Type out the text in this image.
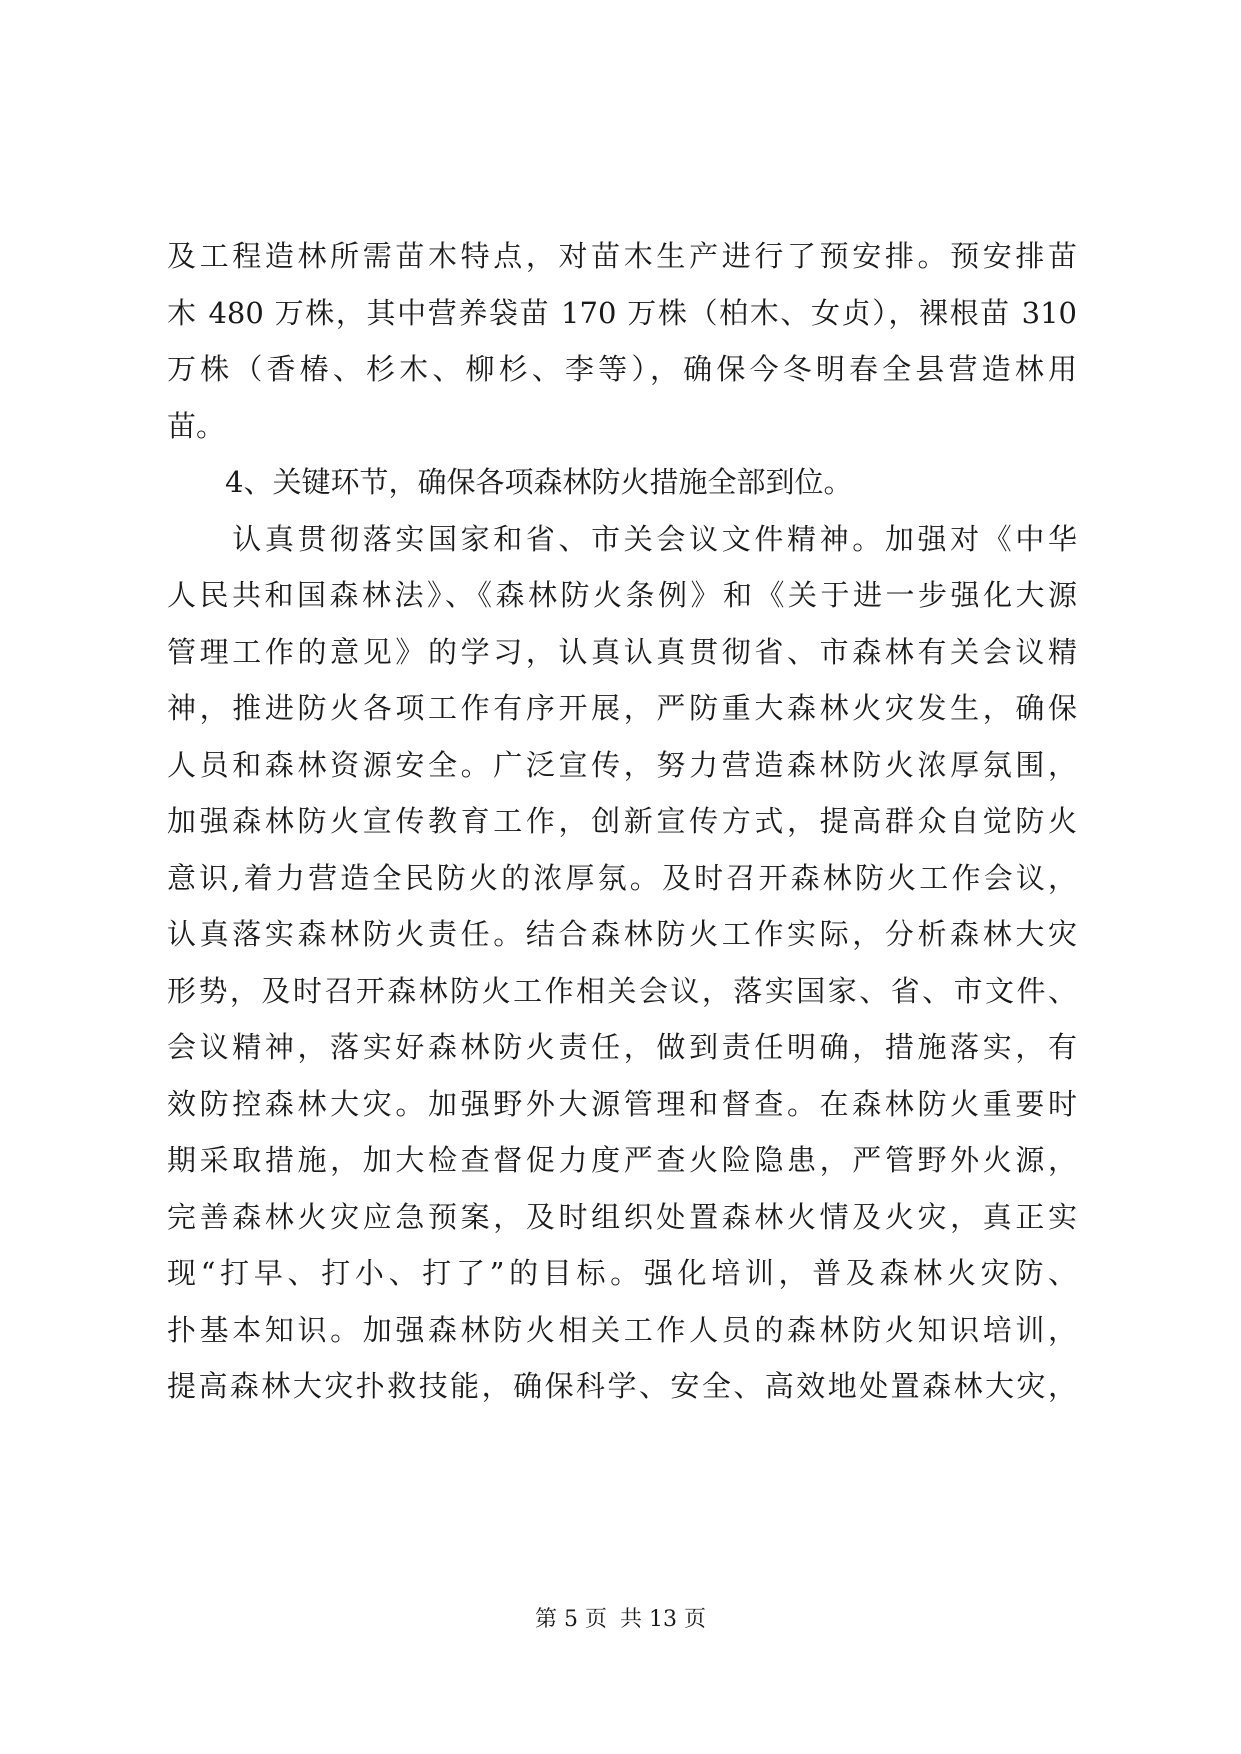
及工程造林所需苗木特点，对苗木生产进行了预安排。预安排苗
木 480 万株，其中营养袋苗 170 万株（柏木、女贞），裸根苗 310
万株（香椿、杉木、柳杉、李等），确保今冬明春全县营造林用
苗。
　　4、关键环节，确保各项森林防火措施全部到位。
　　认真贯彻落实国家和省、市关会议文件精神。加强对《中华
人民共和国森林法》、《森林防火条例》和《关于进一步强化大源
管理工作的意见》的学习，认真认真贯彻省、市森林有关会议精
神，推进防火各项工作有序开展，严防重大森林火灾发生，确保
人员和森林资源安全。广泛宣传，努力营造森林防火浓厚氛围，
加强森林防火宣传教育工作，创新宣传方式，提高群众自觉防火
意识,着力营造全民防火的浓厚氛。及时召开森林防火工作会议，
认真落实森林防火责任。结合森林防火工作实际，分析森林大灾
形势，及时召开森林防火工作相关会议，落实国家、省、市文件、
会议精神，落实好森林防火责任，做到责任明确，措施落实，有
效防控森林大灾。加强野外大源管理和督查。在森林防火重要时
期采取措施，加大检查督促力度严查火险隐患，严管野外火源，
完善森林火灾应急预案，及时组织处置森林火情及火灾，真正实
现“打早、打小、打了”的目标。强化培训，普及森林火灾防、
扑基本知识。加强森林防火相关工作人员的森林防火知识培训，
提高森林大灾扑救技能，确保科学、安全、高效地处置森林大灾，
第 5 页 共 13 页
